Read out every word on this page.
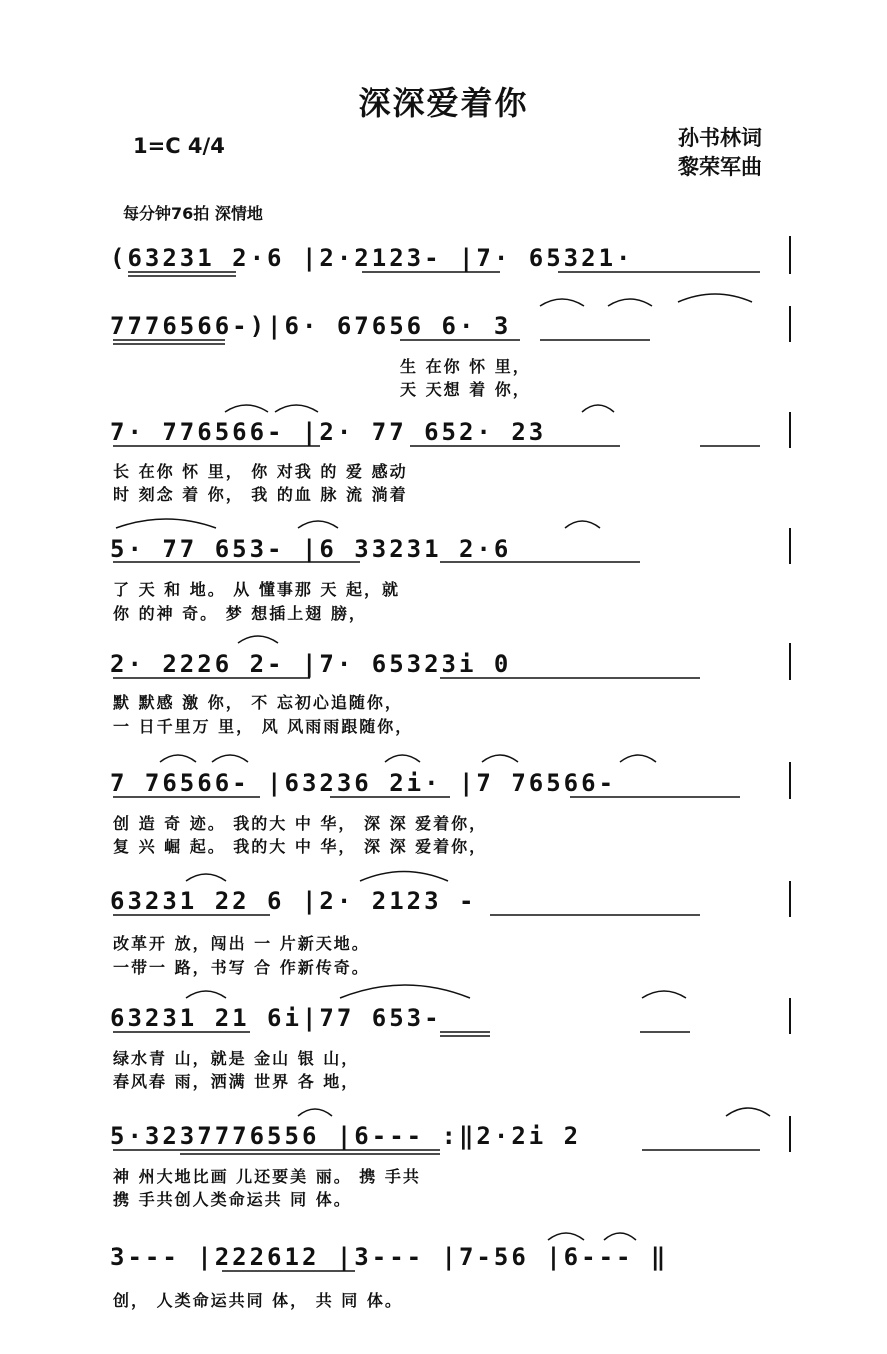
深深爱着你
1=C 4/4	孙书林词
黎荣军曲
每分钟76拍 深情地
(63231 2·6 |2·2123- |7· 65321·
7776566-)|6· 67656 6· 3
生 在你 怀 里，
天 天想 着 你，
7· 776566- |2· 77 652· 23
长 在你 怀 里， 你 对我 的 爱 感动
时 刻念 着 你， 我 的血 脉 流 淌着
5· 77 653- |6 33231 2·6
了 天 和 地。 从 懂事那 天 起，就
你 的神 奇。 梦 想插上翅 膀，
2· 2226 2- |7· 65323i 0
默 默感 激 你， 不 忘初心追随你，
一 日千里万 里， 风 风雨雨跟随你，
7 76566- |63236 2i· |7 76566-
创 造 奇 迹。 我的大 中 华， 深 深 爱着你，
复 兴 崛 起。 我的大 中 华， 深 深 爱着你，
63231 22 6 |2· 2123 -
改革开 放，闯出 一 片新天地。
一带一 路，书写 合 作新传奇。
63231 21 6i|77 653-
绿水青 山，就是 金山 银 山，
春风春 雨，洒满 世界 各 地，
5·3237776556 |6--- :‖2·2i 2
神 州大地比画 儿还要美 丽。 携 手共
携 手共创人类命运共 同 体。
3--- |222612 |3--- |7-56 |6--- ‖
创， 人类命运共同 体， 共 同 体。
